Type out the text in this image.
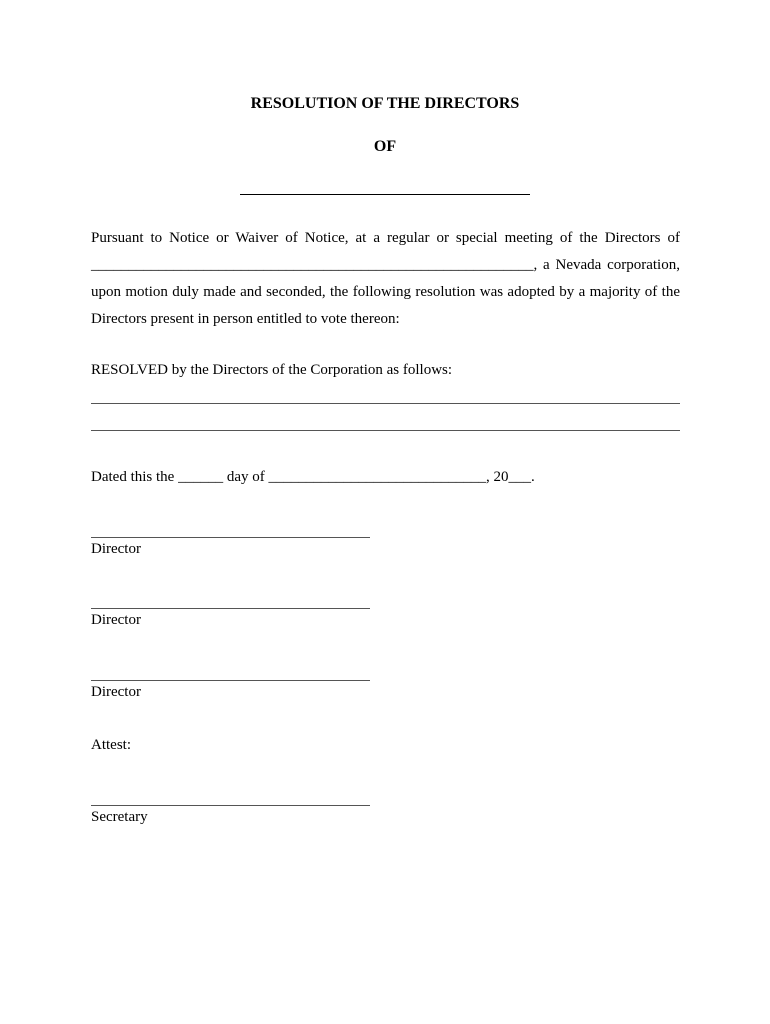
RESOLUTION OF THE DIRECTORS
OF
Pursuant to Notice or Waiver of Notice, at a regular or special meeting of the Directors of
___________________________________________________________, a Nevada corporation,
upon motion duly made and seconded, the following resolution was adopted by a majority of the
Directors present in person entitled to vote thereon:
RESOLVED by the Directors of the Corporation as follows:
Dated this the ______ day of _____________________________, 20___.
Director
Director
Director
Attest:
Secretary
